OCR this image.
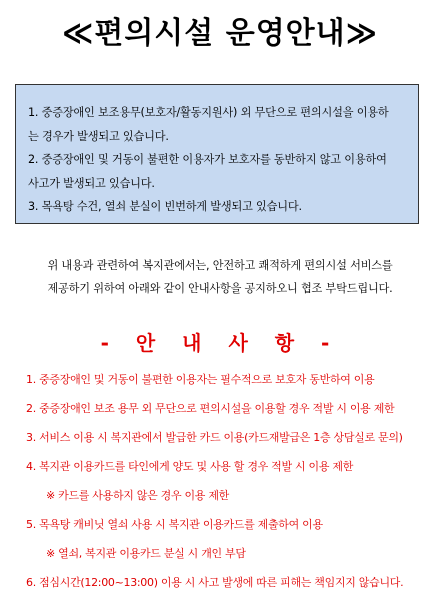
≪편의시설 운영안내≫
1. 중증장애인 보조용무(보호자/활동지원사) 외 무단으로 편의시설을 이용하
는 경우가 발생되고 있습니다.
2. 중증장애인 및 거동이 불편한 이용자가 보호자를 동반하지 않고 이용하여
사고가 발생되고 있습니다.
3. 목욕탕 수건, 열쇠 분실이 빈번하게 발생되고 있습니다.
위 내용과 관련하여 복지관에서는, 안전하고 쾌적하게 편의시설 서비스를
제공하기 위하여 아래와 같이 안내사항을 공지하오니 협조 부탁드립니다.
- 안 내 사 항 -
1. 중증장애인 및 거동이 불편한 이용자는 필수적으로 보호자 동반하여 이용
2. 중증장애인 보조 용무 외 무단으로 편의시설을 이용할 경우 적발 시 이용 제한
3. 서비스 이용 시 복지관에서 발급한 카드 이용(카드재발급은 1층 상담실로 문의)
4. 복지관 이용카드를 타인에게 양도 및 사용 할 경우 적발 시 이용 제한
※ 카드를 사용하지 않은 경우 이용 제한
5. 목욕탕 캐비닛 열쇠 사용 시 복지관 이용카드를 제출하여 이용
※ 열쇠, 복지관 이용카드 분실 시 개인 부담
6. 점심시간(12:00~13:00) 이용 시 사고 발생에 따른 피해는 책임지지 않습니다.
